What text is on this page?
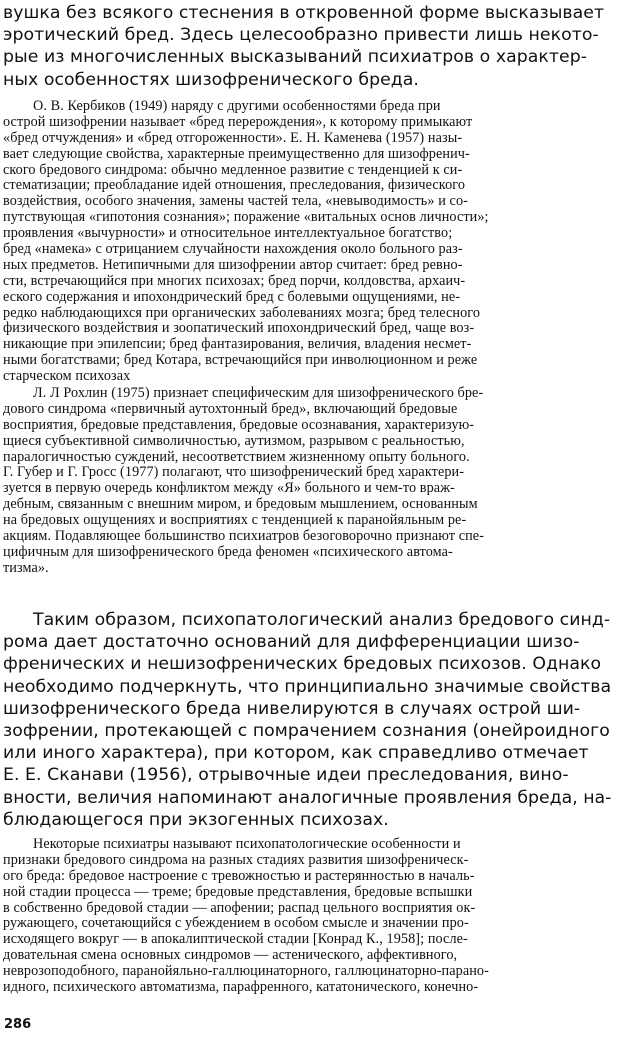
вушка без всякого стеснения в откровенной форме высказывает
эротический бред. Здесь целесообразно привести лишь некото-
рые из многочисленных высказываний психиатров о характер-
ных особенностях шизофренического бреда.
О. В. Кербиков (1949) наряду с другими особенностями бреда при
острой шизофрении называет «бред перерождения», к которому примыкают
«бред отчуждения» и «бред отгороженности». Е. Н. Каменева (1957) назы-
вает следующие свойства, характерные преимущественно для шизофренич-
ского бредового синдрома: обычно медленное развитие с тенденцией к си-
стематизации; преобладание идей отношения, преследования, физического
воздействия, особого значения, замены частей тела, «невыводимость» и со-
путствующая «гипотония сознания»; поражение «витальных основ личности»;
проявления «вычурности» и относительное интеллектуальное богатство;
бред «намека» с отрицанием случайности нахождения около больного раз-
ных предметов. Нетипичными для шизофрении автор считает: бред ревно-
сти, встречающийся при многих психозах; бред порчи, колдовства, архаич-
еского содержания и ипохондрический бред с болевыми ощущениями, не-
редко наблюдающихся при органических заболеваниях мозга; бред телесного
физического воздействия и зоопатический ипохондрический бред, чаще воз-
никающие при эпилепсии; бред фантазирования, величия, владения несмет-
ными богатствами; бред Котара, встречающийся при инволюционном и реже
старческом психозах
Л. Л Рохлин (1975) признает специфическим для шизофренического бре-
дового синдрома «первичный аутохтонный бред», включающий бредовые
восприятия, бредовые представления, бредовые осознавания, характеризую-
щиеся субъективной символичностью, аутизмом, разрывом с реальностью,
паралогичностью суждений, несоответствием жизненному опыту больного.
Г. Губер и Г. Гросс (1977) полагают, что шизофренический бред характери-
зуется в первую очередь конфликтом между «Я» больного и чем-то враж-
дебным, связанным с внешним миром, и бредовым мышлением, основанным
на бредовых ощущениях и восприятиях с тенденцией к паранойяльным ре-
акциям. Подавляющее большинство психиатров безоговорочно признают спе-
цифичным для шизофренического бреда феномен «психического автома-
тизма».
Таким образом, психопатологический анализ бредового синд-
рома дает достаточно оснований для дифференциации шизо-
френических и нешизофренических бредовых психозов. Однако
необходимо подчеркнуть, что принципиально значимые свойства
шизофренического бреда нивелируются в случаях острой ши-
зофрении, протекающей с помрачением сознания (онейроидного
или иного характера), при котором, как справедливо отмечает
Е. Е. Сканави (1956), отрывочные идеи преследования, вино-
вности, величия напоминают аналогичные проявления бреда, на-
блюдающегося при экзогенных психозах.
Некоторые психиатры называют психопатологические особенности и
признаки бредового синдрома на разных стадиях развития шизофреническ-
ого бреда: бредовое настроение с тревожностью и растерянностью в началь-
ной стадии процесса — треме; бредовые представления, бредовые вспышки
в собственно бредовой стадии — апофении; распад цельного восприятия ок-
ружающего, сочетающийся с убеждением в особом смысле и значении про-
исходящего вокруг — в апокалиптической стадии [Конрад К., 1958]; после-
довательная смена основных синдромов — астенического, аффективного,
неврозоподобного, паранойяльно-галлюцинаторного, галлюцинаторно-парано-
идного, психического автоматизма, парафренного, кататонического, конечно-
286
